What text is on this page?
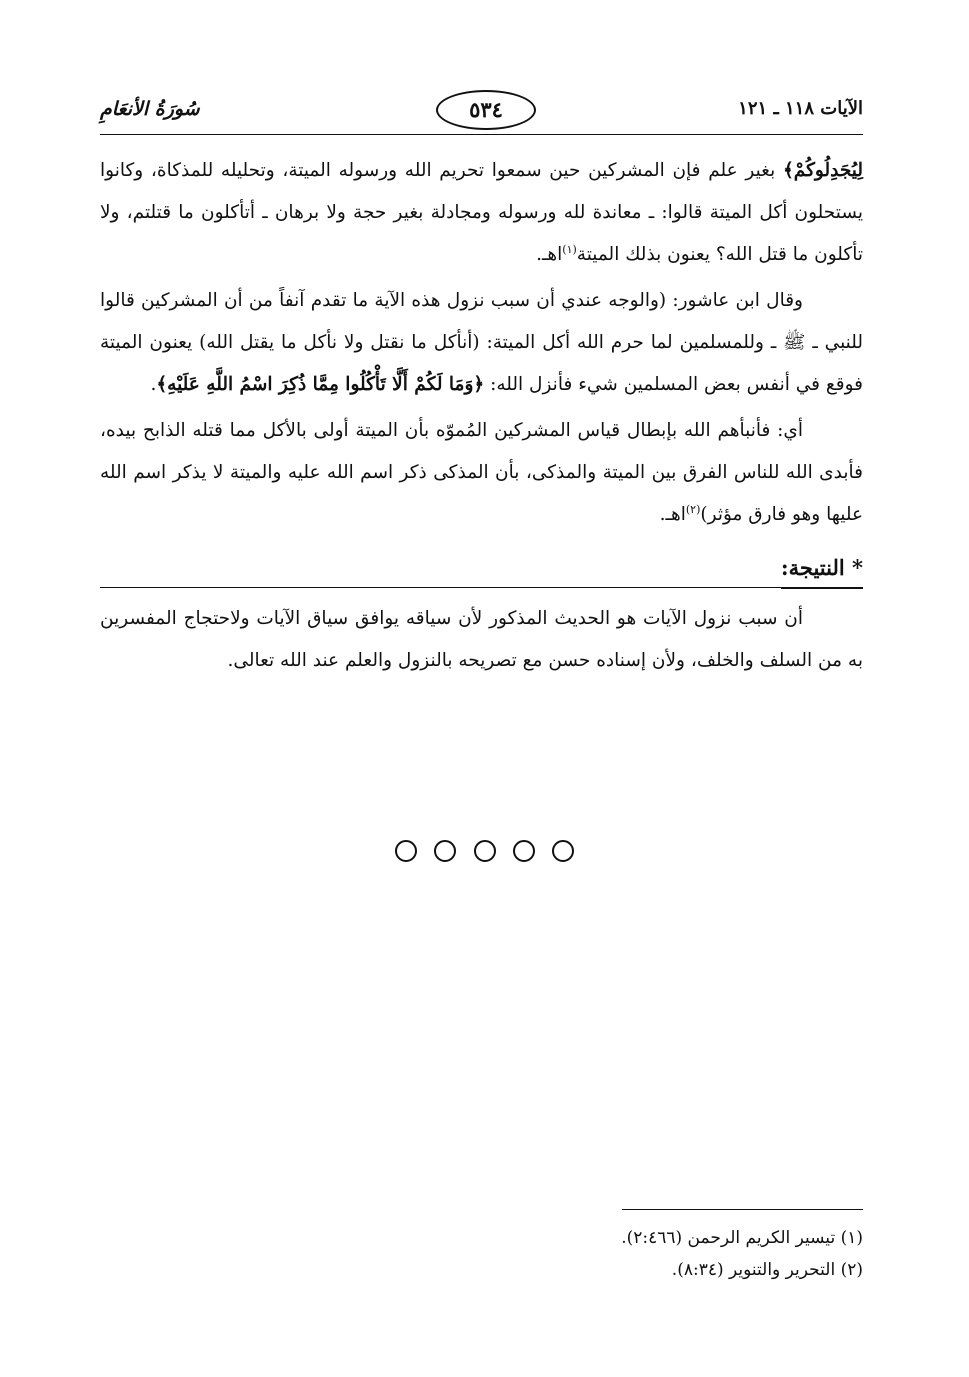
سُورَةُ الأنعَامِ	٥٣٤	الآيات ١١٨ ـ ١٢١

لِيُجَدِلُوكُمْ﴾ بغير علم فإن المشركين حين سمعوا تحريم الله ورسوله الميتة، وتحليله للمذكاة، وكانوا يستحلون أكل الميتة قالوا: ـ معاندة لله ورسوله ومجادلة بغير حجة ولا برهان ـ أتأكلون ما قتلتم، ولا تأكلون ما قتل الله؟ يعنون بذلك الميتة$^{(١)}$اهـ.

وقال ابن عاشور: (والوجه عندي أن سبب نزول هذه الآية ما تقدم آنفاً من أن المشركين قالوا للنبي ـ ﷺ ـ وللمسلمين لما حرم الله أكل الميتة: (أنأكل ما نقتل ولا نأكل ما يقتل الله) يعنون الميتة فوقع في أنفس بعض المسلمين شيء فأنزل الله: ﴿وَمَا لَكُمْ أَلَّا تَأْكُلُوا مِمَّا ذُكِرَ اسْمُ اللَّهِ عَلَيْهِ﴾.

أي: فأنبأهم الله بإبطال قياس المشركين المُموّه بأن الميتة أولى بالأكل مما قتله الذابح بيده، فأبدى الله للناس الفرق بين الميتة والمذكى، بأن المذكى ذكر اسم الله عليه والميتة لا يذكر اسم الله عليها وهو فارق مؤثر)$^{(٢)}$اهـ.

* النتيجة:

أن سبب نزول الآيات هو الحديث المذكور لأن سياقه يوافق سياق الآيات ولاحتجاج المفسرين به من السلف والخلف، ولأن إسناده حسن مع تصريحه بالنزول والعلم عند الله تعالى.

(١) تيسير الكريم الرحمن (٢:٤٦٦).

(٢) التحرير والتنوير (٨:٣٤).
